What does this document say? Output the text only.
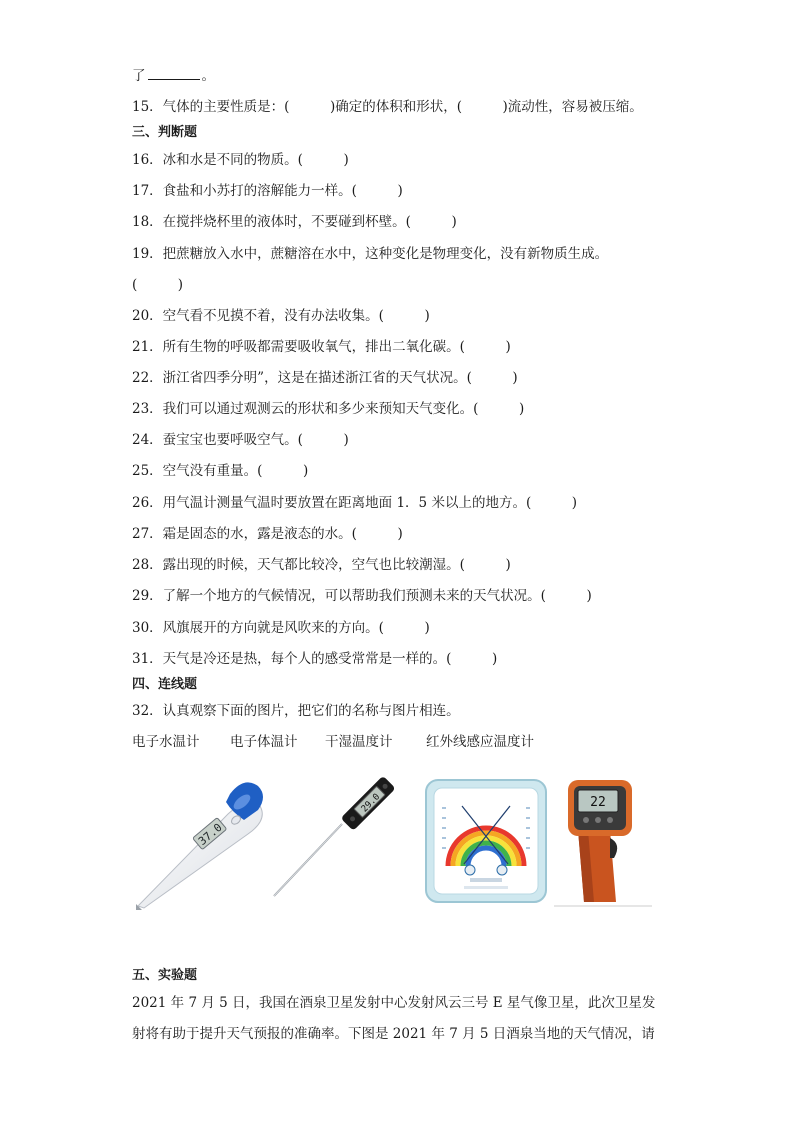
了	。
15．气体的主要性质是：(　　　)确定的体积和形状，(　　　)流动性，容易被压缩。
三、判断题
16．冰和水是不同的物质。(　　　)
17．食盐和小苏打的溶解能力一样。(　　　)
18．在搅拌烧杯里的液体时，不要碰到杯壁。(　　　)
19．把蔗糖放入水中，蔗糖溶在水中，这种变化是物理变化，没有新物质生成。
(　　　)
20．空气看不见摸不着，没有办法收集。(　　　)
21．所有生物的呼吸都需要吸收氧气，排出二氧化碳。(　　　)
22．浙江省四季分明”，这是在描述浙江省的天气状况。(　　　)
23．我们可以通过观测云的形状和多少来预知天气变化。(　　　)
24．蚕宝宝也要呼吸空气。(　　　)
25．空气没有重量。(　　　)
26．用气温计测量气温时要放置在距离地面 1．5 米以上的地方。(　　　)
27．霜是固态的水，露是液态的水。(　　　)
28．露出现的时候，天气都比较冷，空气也比较潮湿。(　　　)
29．了解一个地方的气候情况，可以帮助我们预测未来的天气状况。(　　　)
30．风旗展开的方向就是风吹来的方向。(　　　)
31．天气是冷还是热，每个人的感受常常是一样的。(　　　)
四、连线题
32．认真观察下面的图片，把它们的名称与图片相连。
电子水温计 电子体温计 干湿温度计 红外线感应温度计
37.0
29.0	22
五、实验题
2021 年 7 月 5 日，我国在酒泉卫星发射中心发射风云三号 E 星气像卫星，此次卫星发
射将有助于提升天气预报的准确率。下图是 2021 年 7 月 5 日酒泉当地的天气情况，请
